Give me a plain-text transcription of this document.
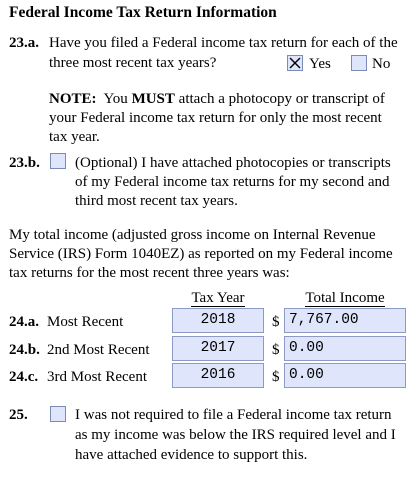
Federal Income Tax Return Information
23.a. Have you filed a Federal income tax return for each of the
three most recent tax years?	Yes	No
NOTE: You MUST attach a photocopy or transcript of
your Federal income tax return for only the most recent
tax year.
23.b. (Optional) I have attached photocopies or transcripts
of my Federal income tax returns for my second and
third most recent tax years.
My total income (adjusted gross income on Internal Revenue
Service (IRS) Form 1040EZ) as reported on my Federal income
tax returns for the most recent three years was:
Tax Year	Total Income
24.a. Most Recent	2018	$ 7,767.00
24.b. 2nd Most Recent	2017	$ 0.00
24.c. 3rd Most Recent	2016	$ 0.00
25.	I was not required to file a Federal income tax return
as my income was below the IRS required level and I
have attached evidence to support this.
